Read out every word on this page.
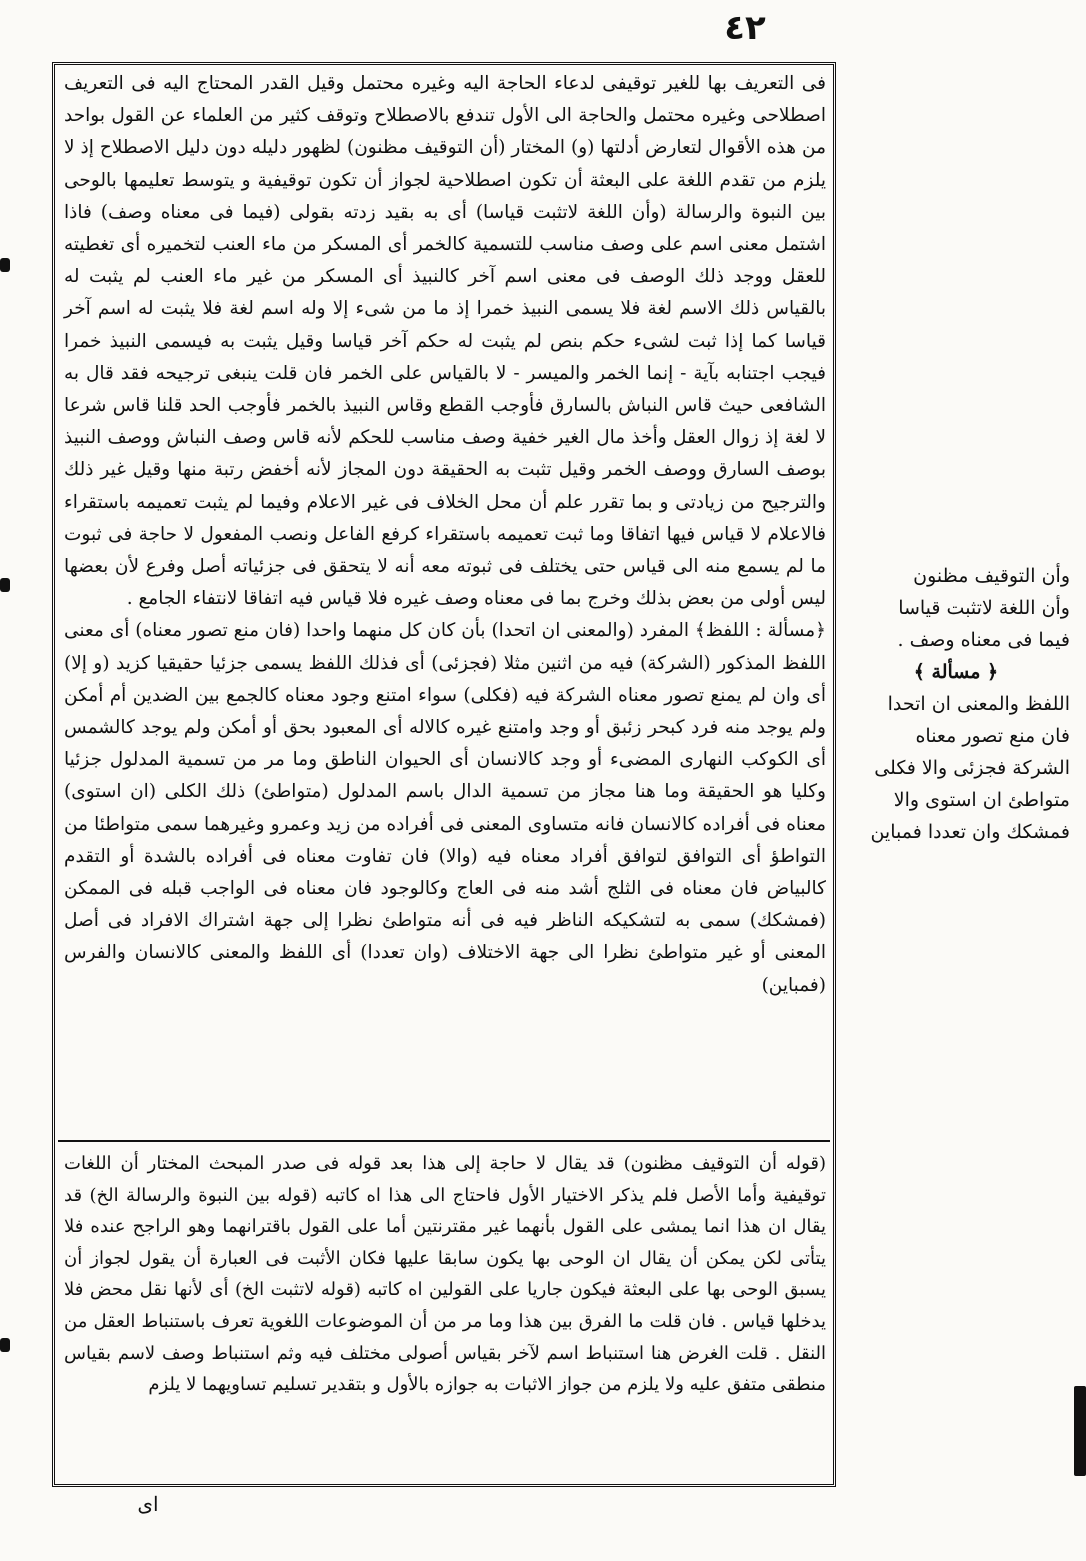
٤٢

فى التعريف بها للغير توقيفى لدعاء الحاجة اليه وغيره محتمل وقيل القدر المحتاج اليه فى التعريف اصطلاحى وغيره محتمل والحاجة الى الأول تندفع بالاصطلاح وتوقف كثير من العلماء عن القول بواحد من هذه الأقوال لتعارض أدلتها (و) المختار (أن التوقيف مظنون) لظهور دليله دون دليل الاصطلاح إذ لا يلزم من تقدم اللغة على البعثة أن تكون اصطلاحية لجواز أن تكون توقيفية و يتوسط تعليمها بالوحى بين النبوة والرسالة (وأن اللغة لاتثبت قياسا) أى به بقيد زدته بقولى (فيما فى معناه وصف) فاذا اشتمل معنى اسم على وصف مناسب للتسمية كالخمر أى المسكر من ماء العنب لتخميره أى تغطيته للعقل ووجد ذلك الوصف فى معنى اسم آخر كالنبيذ أى المسكر من غير ماء العنب لم يثبت له بالقياس ذلك الاسم لغة فلا يسمى النبيذ خمرا إذ ما من شىء إلا وله اسم لغة فلا يثبت له اسم آخر قياسا كما إذا ثبت لشىء حكم بنص لم يثبت له حكم آخر قياسا وقيل يثبت به فيسمى النبيذ خمرا فيجب اجتنابه بآية - إنما الخمر والميسر - لا بالقياس على الخمر فان قلت ينبغى ترجيحه فقد قال به الشافعى حيث قاس النباش بالسارق فأوجب القطع وقاس النبيذ بالخمر فأوجب الحد قلنا قاس شرعا لا لغة إذ زوال العقل وأخذ مال الغير خفية وصف مناسب للحكم لأنه قاس وصف النباش ووصف النبيذ بوصف السارق ووصف الخمر وقيل تثبت به الحقيقة دون المجاز لأنه أخفض رتبة منها وقيل غير ذلك والترجيح من زيادتى و بما تقرر علم أن محل الخلاف فى غير الاعلام وفيما لم يثبت تعميمه باستقراء فالاعلام لا قياس فيها اتفاقا وما ثبت تعميمه باستقراء كرفع الفاعل ونصب المفعول لا حاجة فى ثبوت ما لم يسمع منه الى قياس حتى يختلف فى ثبوته معه أنه لا يتحقق فى جزئياته أصل وفرع لأن بعضها ليس أولى من بعض بذلك وخرج بما فى معناه وصف غيره فلا قياس فيه اتفاقا لانتفاء الجامع .

﴿مسألة : اللفظ﴾ المفرد (والمعنى ان اتحدا) بأن كان كل منهما واحدا (فان منع تصور معناه) أى معنى اللفظ المذكور (الشركة) فيه من اثنين مثلا (فجزئى) أى فذلك اللفظ يسمى جزئيا حقيقيا كزيد (و إلا) أى وان لم يمنع تصور معناه الشركة فيه (فكلى) سواء امتنع وجود معناه كالجمع بين الضدين أم أمكن ولم يوجد منه فرد كبحر زئبق أو وجد وامتنع غيره كالاله أى المعبود بحق أو أمكن ولم يوجد كالشمس أى الكوكب النهارى المضىء أو وجد كالانسان أى الحيوان الناطق وما مر من تسمية المدلول جزئيا وكليا هو الحقيقة وما هنا مجاز من تسمية الدال باسم المدلول (متواطئ) ذلك الكلى (ان استوى) معناه فى أفراده كالانسان فانه متساوى المعنى فى أفراده من زيد وعمرو وغيرهما سمى متواطئا من التواطؤ أى التوافق لتوافق أفراد معناه فيه (والا) فان تفاوت معناه فى أفراده بالشدة أو التقدم كالبياض فان معناه فى الثلج أشد منه فى العاج وكالوجود فان معناه فى الواجب قبله فى الممكن (فمشكك) سمى به لتشكيكه الناظر فيه فى أنه متواطئ نظرا إلى جهة اشتراك الافراد فى أصل المعنى أو غير متواطئ نظرا الى جهة الاختلاف (وان تعددا) أى اللفظ والمعنى كالانسان والفرس (فمباين)

(قوله أن التوقيف مظنون) قد يقال لا حاجة إلى هذا بعد قوله فى صدر المبحث المختار أن اللغات توقيفية وأما الأصل فلم يذكر الاختيار الأول فاحتاج الى هذا اه كاتبه (قوله بين النبوة والرسالة الخ) قد يقال ان هذا انما يمشى على القول بأنهما غير مقترنتين أما على القول باقترانهما وهو الراجح عنده فلا يتأتى لكن يمكن أن يقال ان الوحى بها يكون سابقا عليها فكان الأثبت فى العبارة أن يقول لجواز أن يسبق الوحى بها على البعثة فيكون جاريا على القولين اه كاتبه (قوله لاتثبت الخ) أى لأنها نقل محض فلا يدخلها قياس . فان قلت ما الفرق بين هذا وما مر من أن الموضوعات اللغوية تعرف باستنباط العقل من النقل . قلت الغرض هنا استنباط اسم لآخر بقياس أصولى مختلف فيه وثم استنباط وصف لاسم بقياس منطقى متفق عليه ولا يلزم من جواز الاثبات به جوازه بالأول و بتقدير تسليم تساويهما لا يلزم

وأن التوقيف مظنون

وأن اللغة لاتثبت قياسا

فيما فى معناه وصف .

﴿ مسألة ﴾

اللفظ والمعنى ان اتحدا

فان منع تصور معناه

الشركة فجزئى والا فكلى

متواطئ ان استوى والا

فمشكك وان تعددا فمباين

اى
